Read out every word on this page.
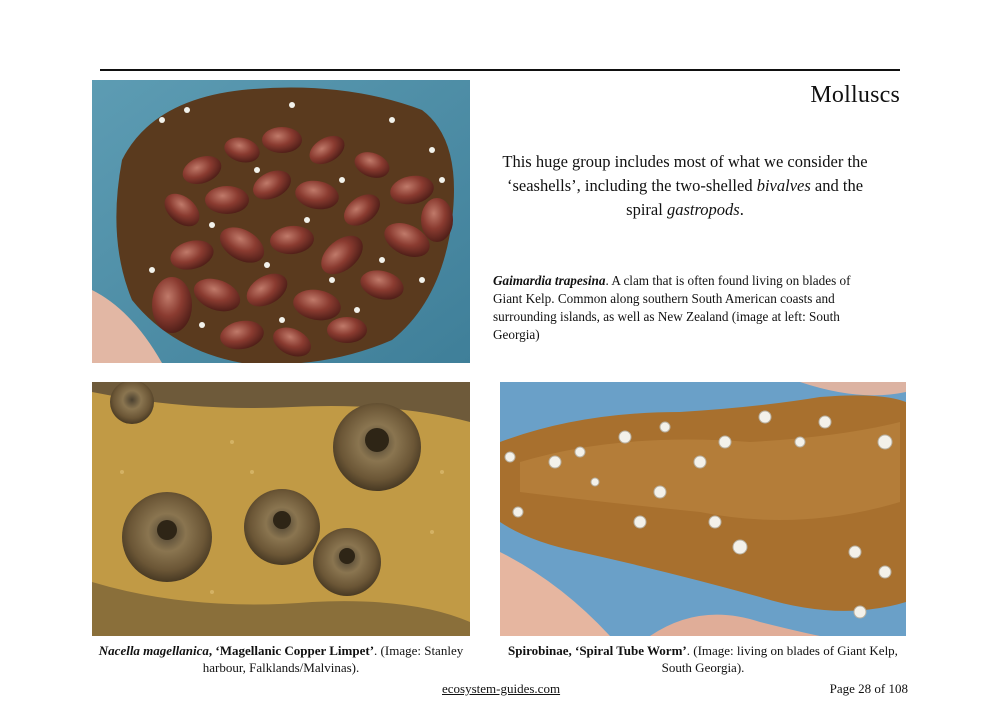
Molluscs
This huge group includes most of what we consider the ‘seashells’, including the two-shelled bivalves and the spiral gastropods.
Gaimardia trapesina. A clam that is often found living on blades of Giant Kelp. Common along southern South American coasts and surrounding islands, as well as New Zealand (image at left: South Georgia)
Nacella magellanica, ‘Magellanic Copper Limpet’. (Image: Stanley harbour, Falklands/Malvinas).
Spirobinae, ‘Spiral Tube Worm’. (Image: living on blades of Giant Kelp, South Georgia).
ecosystem-guides.com	Page 28 of 108
